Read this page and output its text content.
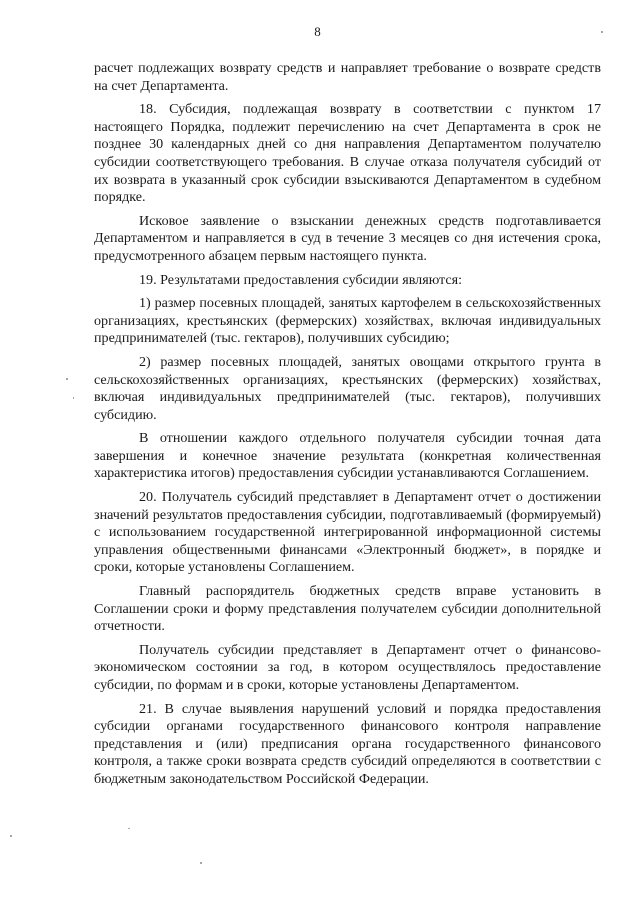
8

расчет подлежащих возврату средств и направляет требование о возврате средств на счет Департамента.

18. Субсидия, подлежащая возврату в соответствии с пунктом 17 настоящего Порядка, подлежит перечислению на счет Департамента в срок не позднее 30 календарных дней со дня направления Департаментом получателю субсидии соответствующего требования. В случае отказа получателя субсидий от их возврата в указанный срок субсидии взыскиваются Департаментом в судебном порядке.

Исковое заявление о взыскании денежных средств подготавливается Департаментом и направляется в суд в течение 3 месяцев со дня истечения срока, предусмотренного абзацем первым настоящего пункта.

19. Результатами предоставления субсидии являются:

1) размер посевных площадей, занятых картофелем в сельскохозяйственных организациях, крестьянских (фермерских) хозяйствах, включая индивидуальных предпринимателей (тыс. гектаров), получивших субсидию;

2) размер посевных площадей, занятых овощами открытого грунта в сельскохозяйственных организациях, крестьянских (фермерских) хозяйствах, включая индивидуальных предпринимателей (тыс. гектаров), получивших субсидию.

В отношении каждого отдельного получателя субсидии точная дата завершения и конечное значение результата (конкретная количественная характеристика итогов) предоставления субсидии устанавливаются Соглашением.

20. Получатель субсидий представляет в Департамент отчет о достижении значений результатов предоставления субсидии, подготавливаемый (формируемый) с использованием государственной интегрированной информационной системы управления общественными финансами «Электронный бюджет», в порядке и сроки, которые установлены Соглашением.

Главный распорядитель бюджетных средств вправе установить в Соглашении сроки и форму представления получателем субсидии дополнительной отчетности.

Получатель субсидии представляет в Департамент отчет о финансово-экономическом состоянии за год, в котором осуществлялось предоставление субсидии, по формам и в сроки, которые установлены Департаментом.

21. В случае выявления нарушений условий и порядка предоставления субсидии органами государственного финансового контроля направление представления и (или) предписания органа государственного финансового контроля, а также сроки возврата средств субсидий определяются в соответствии с бюджетным законодательством Российской Федерации.
